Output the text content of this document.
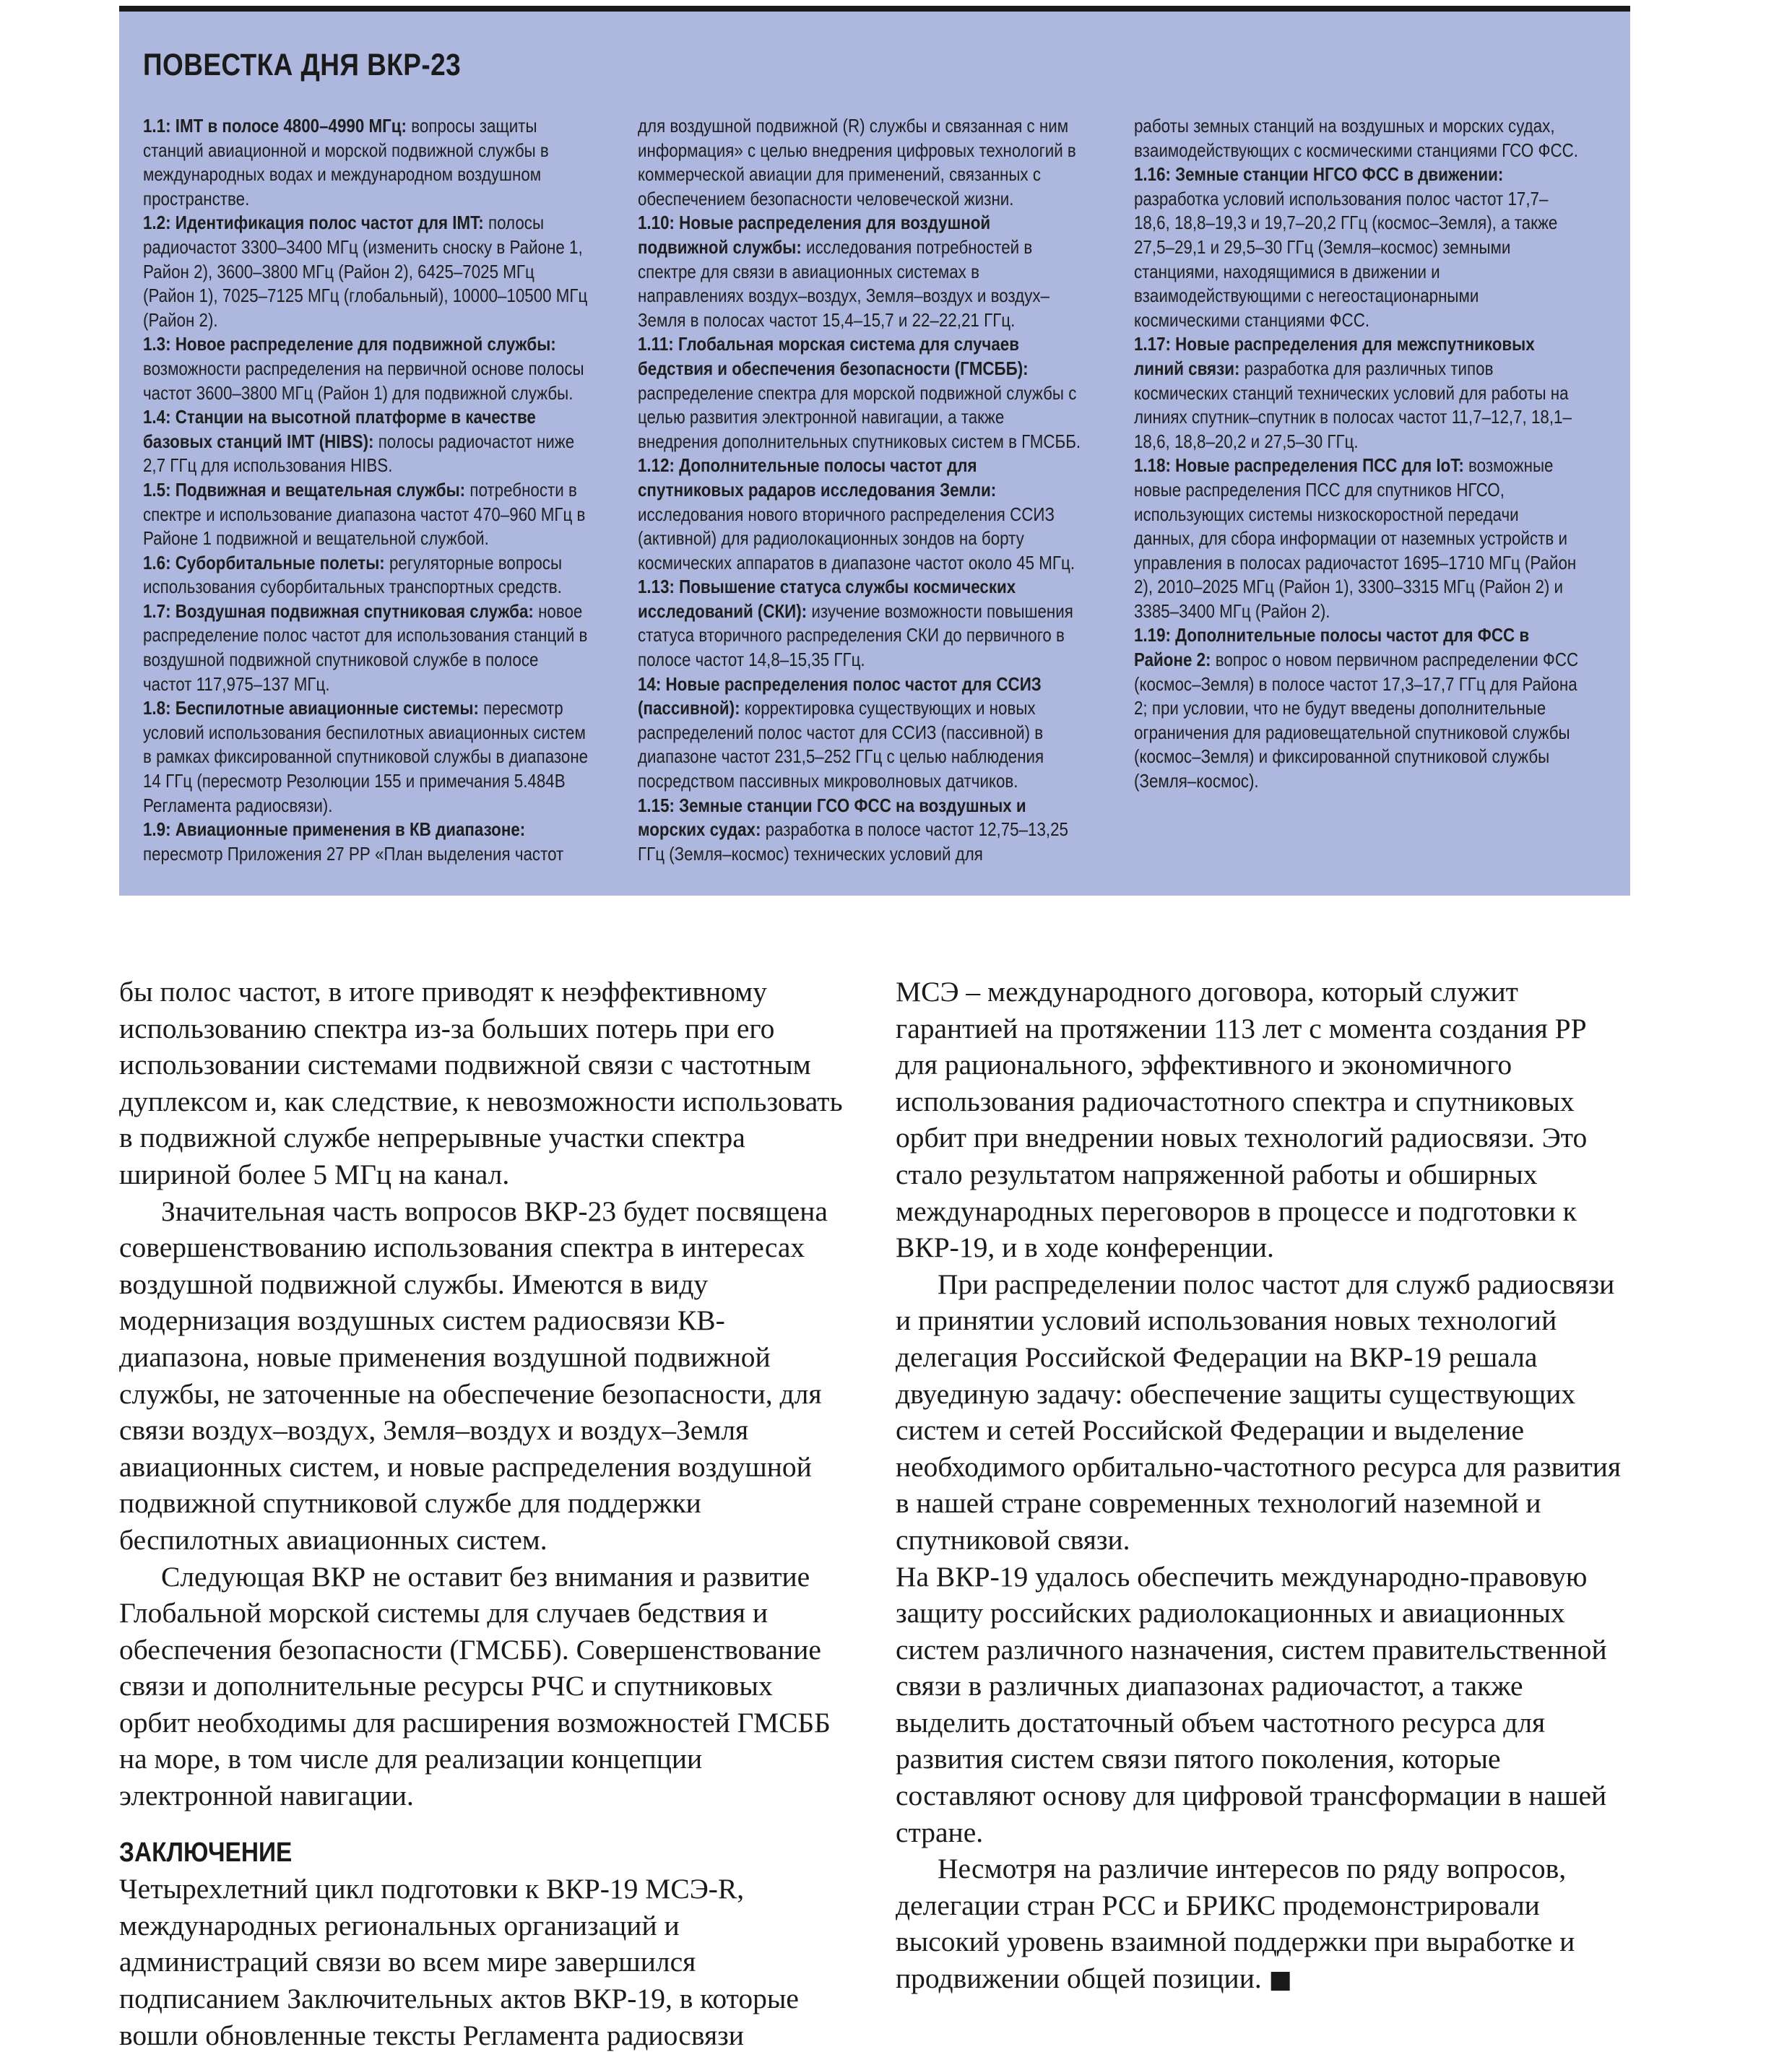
ПОВЕСТКА ДНЯ ВКР-23

1.1: IMT в полосе 4800–4990 МГц: вопросы защиты станций авиационной и морской подвижной службы в международных водах и международном воздушном пространстве.

1.2: Идентификация полос частот для IMT: полосы радиочастот 3300–3400 МГц (изменить сноску в Районе 1, Район 2), 3600–3800 МГц (Район 2), 6425–7025 МГц (Район 1), 7025–7125 МГц (глобальный), 10000–10500 МГц (Район 2).

1.3: Новое распределение для подвижной службы: возможности распределения на первичной основе полосы частот 3600–3800 МГц (Район 1) для подвижной службы.

1.4: Станции на высотной платформе в качестве базовых станций IMT (HIBS): полосы радиочастот ниже 2,7 ГГц для использования HIBS.

1.5: Подвижная и вещательная службы: потребности в спектре и использование диапазона частот 470–960 МГц в Районе 1 подвижной и вещательной службой.

1.6: Суборбитальные полеты: регуляторные вопросы использования суборбитальных транспортных средств.

1.7: Воздушная подвижная спутниковая служба: новое распределение полос частот для использования станций в воздушной подвижной спутниковой службе в полосе частот 117,975–137 МГц.

1.8: Беспилотные авиационные системы: пересмотр условий использования беспилотных авиационных систем в рамках фиксированной спутниковой службы в диапазоне 14 ГГц (пересмотр Резолюции 155 и примечания 5.484B Регламента радиосвязи).

1.9: Авиационные применения в КВ диапазоне: пересмотр Приложения 27 РР «План выделения частот

для воздушной подвижной (R) службы и связанная с ним информация» с целью внедрения цифровых технологий в коммерческой авиации для применений, связанных с обеспечением безопасности человеческой жизни.

1.10: Новые распределения для воздушной подвижной службы: исследования потребностей в спектре для связи в авиационных системах в направлениях воздух–воздух, Земля–воздух и воздух–Земля в полосах частот 15,4–15,7 и 22–22,21 ГГц.

1.11: Глобальная морская система для случаев бедствия и обеспечения безопасности (ГМСББ): распределение спектра для морской подвижной службы с целью развития электронной навигации, а также внедрения дополнительных спутниковых систем в ГМСББ.

1.12: Дополнительные полосы частот для спутниковых радаров исследования Земли: исследования нового вторичного распределения ССИЗ (активной) для радиолокационных зондов на борту космических аппаратов в диапазоне частот около 45 МГц.

1.13: Повышение статуса службы космических исследований (СКИ): изучение возможности повышения статуса вторичного распределения СКИ до первичного в полосе частот 14,8–15,35 ГГц.

14: Новые распределения полос частот для ССИЗ (пассивной): корректировка существующих и новых распределений полос частот для ССИЗ (пассивной) в диапазоне частот 231,5–252 ГГц с целью наблюдения посредством пассивных микроволновых датчиков.

1.15: Земные станции ГСО ФСС на воздушных и морских судах: разработка в полосе частот 12,75–13,25 ГГц (Земля–космос) технических условий для

работы земных станций на воздушных и морских судах, взаимодействующих с космическими станциями ГСО ФСС.

1.16: Земные станции НГСО ФСС в движении: разработка условий использования полос частот 17,7–18,6, 18,8–19,3 и 19,7–20,2 ГГц (космос–Земля), а также 27,5–29,1 и 29,5–30 ГГц (Земля–космос) земными станциями, находящимися в движении и взаимодействующими с негеостационарными космическими станциями ФСС.

1.17: Новые распределения для межспутниковых линий связи: разработка для различных типов космических станций технических условий для работы на линиях спутник–спутник в полосах частот 11,7–12,7, 18,1–18,6, 18,8–20,2 и 27,5–30 ГГц.

1.18: Новые распределения ПСС для IoT: возможные новые распределения ПСС для спутников НГСО, использующих системы низкоскоростной передачи данных, для сбора информации от наземных устройств и управления в полосах радиочастот 1695–1710 МГц (Район 2), 2010–2025 МГц (Район 1), 3300–3315 МГц (Район 2) и 3385–3400 МГц (Район 2).

1.19: Дополнительные полосы частот для ФСС в Районе 2: вопрос о новом первичном распределении ФСС (космос–Земля) в полосе частот 17,3–17,7 ГГц для Района 2; при условии, что не будут введены дополнительные ограничения для радиовещательной спутниковой службы (космос–Земля) и фиксированной спутниковой службы (Земля–космос).

бы полос частот, в итоге приводят к неэффективному использованию спектра из-за больших потерь при его использовании системами подвижной связи с частотным дуплексом и, как следствие, к невозможности использовать в подвижной службе непрерывные участки спектра шириной более 5 МГц на канал.

Значительная часть вопросов ВКР-23 будет посвящена совершенствованию использования спектра в интересах воздушной подвижной службы. Имеются в виду модернизация воздушных систем радиосвязи КВ-диапазона, новые применения воздушной подвижной службы, не заточенные на обеспечение безопасности, для связи воздух–воздух, Земля–воздух и воздух–Земля авиационных систем, и новые распределения воздушной подвижной спутниковой службе для поддержки беспилотных авиационных систем.

Следующая ВКР не оставит без внимания и развитие Глобальной морской системы для случаев бедствия и обеспечения безопасности (ГМСББ). Совершенствование связи и дополнительные ресурсы РЧС и спутниковых орбит необходимы для расширения возможностей ГМСББ на море, в том числе для реализации концепции электронной навигации.

ЗАКЛЮЧЕНИЕ

Четырехлетний цикл подготовки к ВКР-19 МСЭ-R, международных региональных организаций и администраций связи во всем мире завершился подписанием Заключительных актов ВКР-19, в которые вошли обновленные тексты Регламента радиосвязи

МСЭ – международного договора, который служит гарантией на протяжении 113 лет с момента создания РР для рационального, эффективного и экономичного использования радиочастотного спектра и спутниковых орбит при внедрении новых технологий радиосвязи. Это стало результатом напряженной работы и обширных международных переговоров в процессе и подготовки к ВКР-19, и в ходе конференции.

При распределении полос частот для служб радиосвязи и принятии условий использования новых технологий делегация Российской Федерации на ВКР-19 решала двуединую задачу: обеспечение защиты существующих систем и сетей Российской Федерации и выделение необходимого орбитально-частотного ресурса для развития в нашей стране современных технологий наземной и спутниковой связи.

На ВКР-19 удалось обеспечить международно-правовую защиту российских радиолокационных и авиационных систем различного назначения, систем правительственной связи в различных диапазонах радиочастот, а также выделить достаточный объем частотного ресурса для развития систем связи пятого поколения, которые составляют основу для цифровой трансформации в нашей стране.

Несмотря на различие интересов по ряду вопросов, делегации стран РСС и БРИКС продемонстрировали высокий уровень взаимной поддержки при выработке и продвижении общей позиции. ■
